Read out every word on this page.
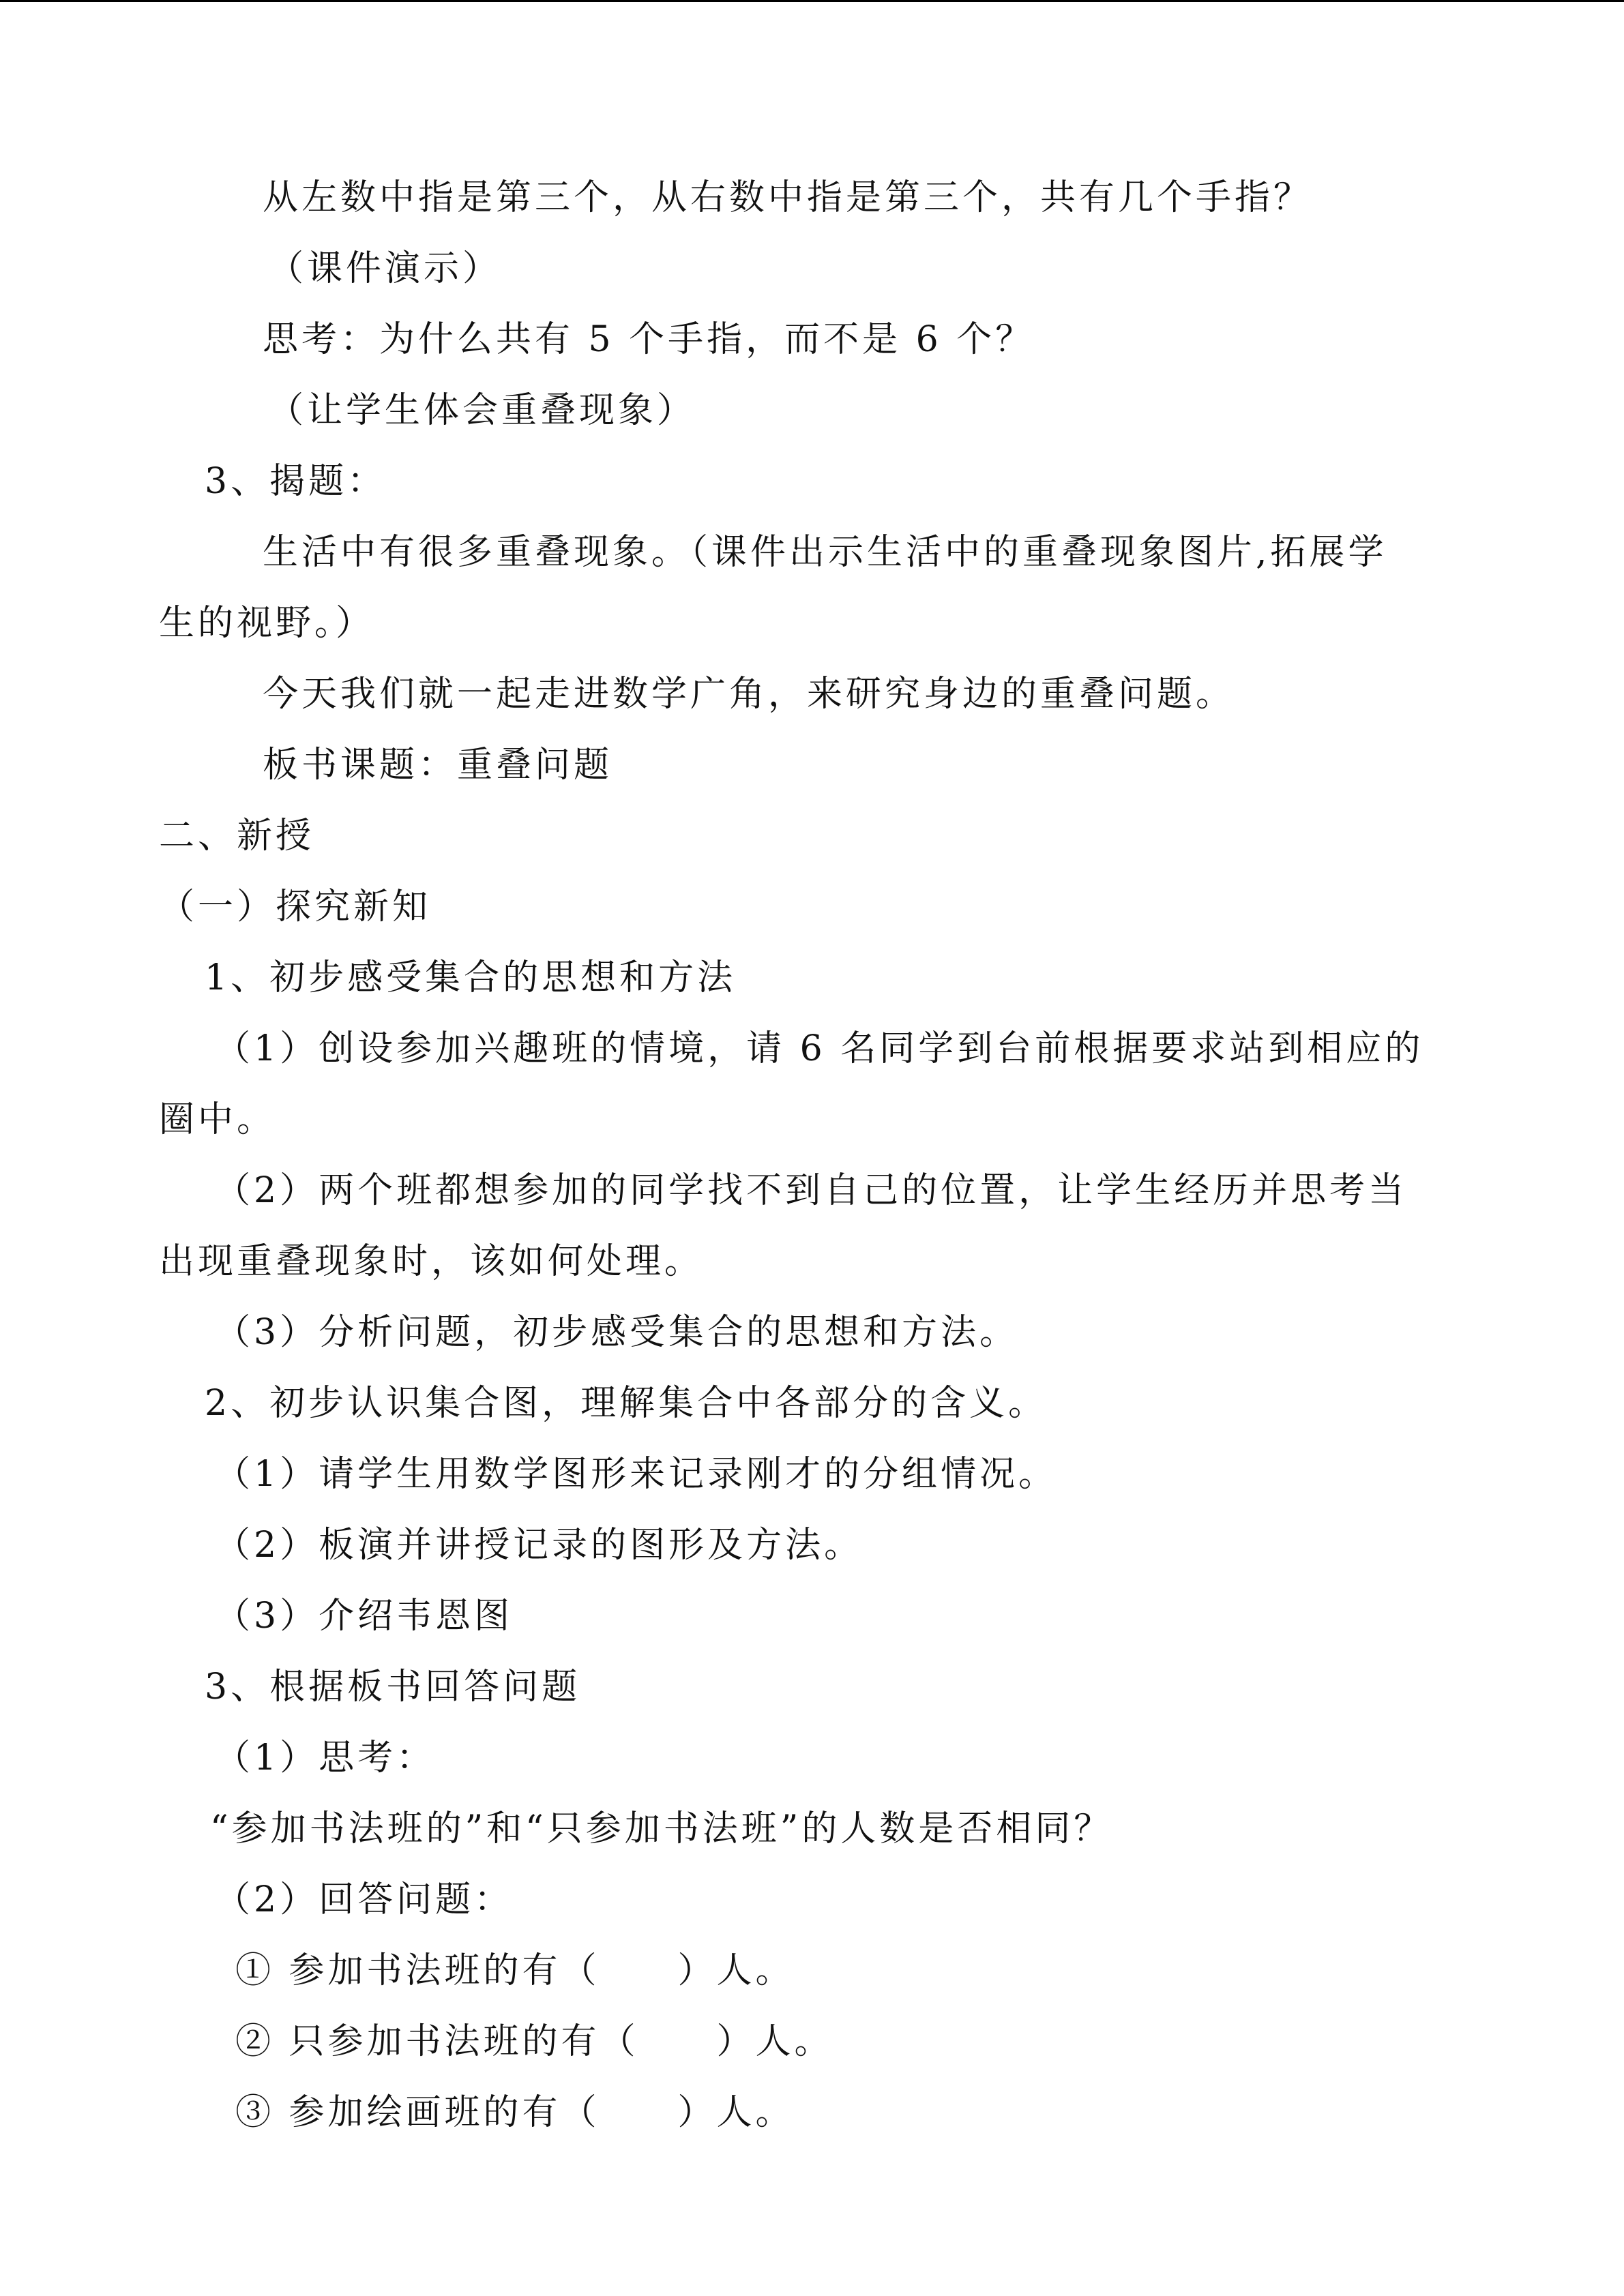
从左数中指是第三个，从右数中指是第三个，共有几个手指？
（课件演示）
思考：为什么共有 5 个手指，而不是 6 个？
（让学生体会重叠现象）
3、揭题：
生活中有很多重叠现象。（课件出示生活中的重叠现象图片,拓展学
生的视野。）
今天我们就一起走进数学广角，来研究身边的重叠问题。
板书课题：重叠问题
二、新授
（一）探究新知
1、初步感受集合的思想和方法
（1）创设参加兴趣班的情境，请 6 名同学到台前根据要求站到相应的
圈中。
（2）两个班都想参加的同学找不到自己的位置，让学生经历并思考当
出现重叠现象时，该如何处理。
（3）分析问题，初步感受集合的思想和方法。
2、初步认识集合图，理解集合中各部分的含义。
（1）请学生用数学图形来记录刚才的分组情况。
（2）板演并讲授记录的图形及方法。
（3）介绍韦恩图
3、根据板书回答问题
（1）思考：
“参加书法班的”和“只参加书法班”的人数是否相同？
（2）回答问题：
① 参加书法班的有（　　）人。
② 只参加书法班的有（　　）人。
③ 参加绘画班的有（　　）人。
